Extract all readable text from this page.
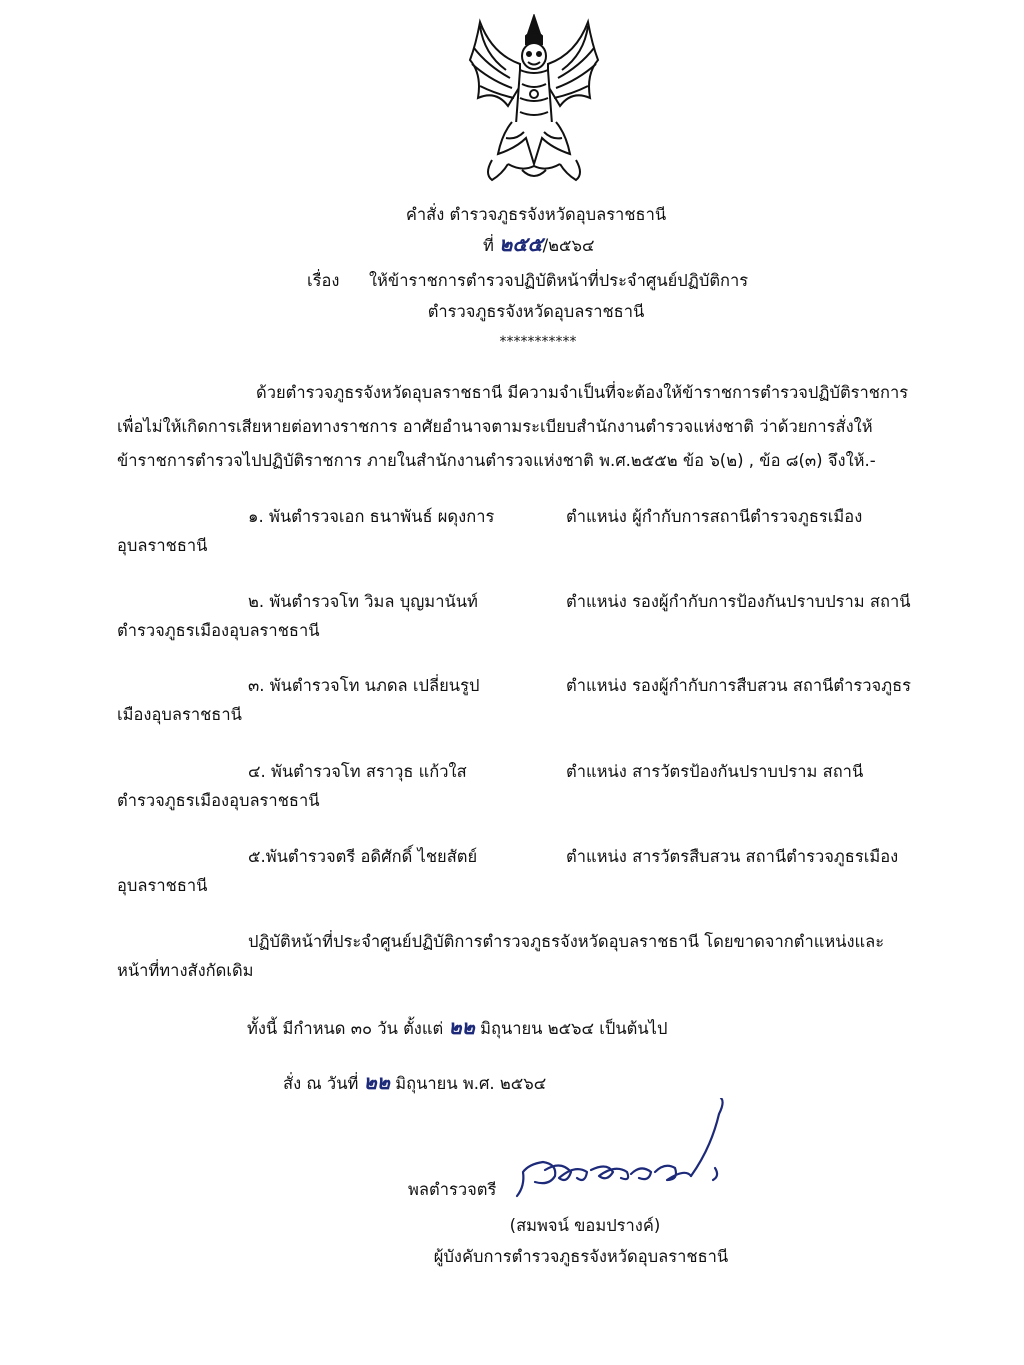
คำสั่ง ตำรวจภูธรจังหวัดอุบลราชธานี
ที่ ๒๕๕/๒๕๖๔
เรื่อง ให้ข้าราชการตำรวจปฏิบัติหน้าที่ประจำศูนย์ปฏิบัติการ
ตำรวจภูธรจังหวัดอุบลราชธานี
***********
ด้วยตำรวจภูธรจังหวัดอุบลราชธานี มีความจำเป็นที่จะต้องให้ข้าราชการตำรวจปฏิบัติราชการ
เพื่อไม่ให้เกิดการเสียหายต่อทางราชการ อาศัยอำนาจตามระเบียบสำนักงานตำรวจแห่งชาติ ว่าด้วยการสั่งให้
ข้าราชการตำรวจไปปฏิบัติราชการ ภายในสำนักงานตำรวจแห่งชาติ พ.ศ.๒๕๕๒ ข้อ ๖(๒) , ข้อ ๘(๓) จึงให้.-
๑. พันตำรวจเอก ธนาพันธ์ ผดุงการ	ตำแหน่ง ผู้กำกับการสถานีตำรวจภูธรเมือง
อุบลราชธานี
๒. พันตำรวจโท วิมล บุญมานันท์	ตำแหน่ง รองผู้กำกับการป้องกันปราบปราม สถานี
ตำรวจภูธรเมืองอุบลราชธานี
๓. พันตำรวจโท นภดล เปลี่ยนรูป	ตำแหน่ง รองผู้กำกับการสืบสวน สถานีตำรวจภูธร
เมืองอุบลราชธานี
๔. พันตำรวจโท สราวุธ แก้วใส	ตำแหน่ง สารวัตรป้องกันปราบปราม สถานี
ตำรวจภูธรเมืองอุบลราชธานี
๕.พันตำรวจตรี อดิศักดิ์ ไชยสัตย์	ตำแหน่ง สารวัตรสืบสวน สถานีตำรวจภูธรเมือง
อุบลราชธานี
ปฏิบัติหน้าที่ประจำศูนย์ปฏิบัติการตำรวจภูธรจังหวัดอุบลราชธานี โดยขาดจากตำแหน่งและ
หน้าที่ทางสังกัดเดิม
ทั้งนี้ มีกำหนด ๓๐ วัน ตั้งแต่ ๒๒ มิถุนายน ๒๕๖๔ เป็นต้นไป
สั่ง ณ วันที่ ๒๒ มิถุนายน พ.ศ. ๒๕๖๔
พลตำรวจตรี
(สมพจน์ ขอมปรางค์)
ผู้บังคับการตำรวจภูธรจังหวัดอุบลราชธานี
